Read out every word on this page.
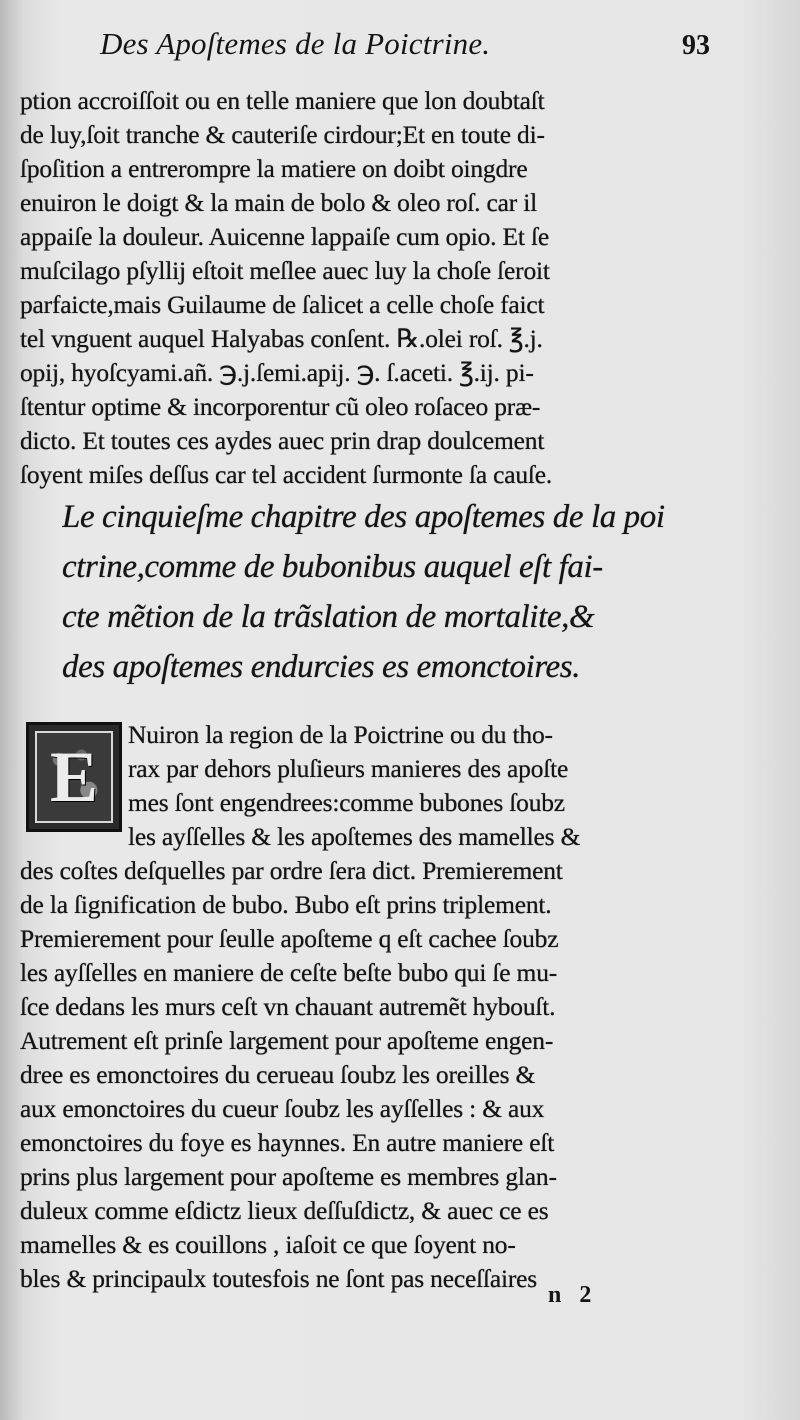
Des Apoſtemes de la Poictrine.	93
ption accroiſſoit ou en telle maniere que lon doubtaſt
de luy,ſoit tranche & cauteriſe cirdour;Et en toute di-
ſpoſition a entrerompre la matiere on doibt oingdre
enuiron le doigt & la main de bolo & oleo roſ. car il
appaiſe la douleur. Auicenne lappaiſe cum opio. Et ſe
muſcilago pſyllij eſtoit meſlee auec luy la choſe ſeroit
parfaicte,mais Guilaume de ſalicet a celle choſe faict
tel vnguent auquel Halyabas conſent. ℞.olei roſ. ℥.j.
opij, hyoſcyami.añ. ℈.j.ſemi.apij. ℈. ſ.aceti. ℥.ij. pi-
ſtentur optime & incorporentur cũ oleo roſaceo præ-
dicto. Et toutes ces aydes auec prin drap doulcement
ſoyent miſes deſſus car tel accident ſurmonte ſa cauſe.
Le cinquieſme chapitre des apoſtemes de la poi
ctrine,comme de bubonibus auquel eſt fai-
cte mẽtion de la trãslation de mortalite,&
des apoſtemes endurcies es emonctoires.
E
Nuiron la region de la Poictrine ou du tho-
rax par dehors pluſieurs manieres des apoſte
mes ſont engendrees:comme bubones ſoubz
les ayſſelles & les apoſtemes des mamelles &
des coſtes deſquelles par ordre ſera dict. Premierement
de la ſignification de bubo. Bubo eſt prins triplement.
Premierement pour ſeulle apoſteme q eſt cachee ſoubz
les ayſſelles en maniere de ceſte beſte bubo qui ſe mu-
ſce dedans les murs ceſt vn chauant autremẽt hybouſt.
Autrement eſt prinſe largement pour apoſteme engen-
dree es emonctoires du cerueau ſoubz les oreilles &
aux emonctoires du cueur ſoubz les ayſſelles : & aux
emonctoires du foye es haynnes. En autre maniere eſt
prins plus largement pour apoſteme es membres glan-
duleux comme eſdictz lieux deſſuſdictz, & auec ce es
mamelles & es couillons , iaſoit ce que ſoyent no-
bles & principaulx toutesfois ne ſont pas neceſſaires
n 2
